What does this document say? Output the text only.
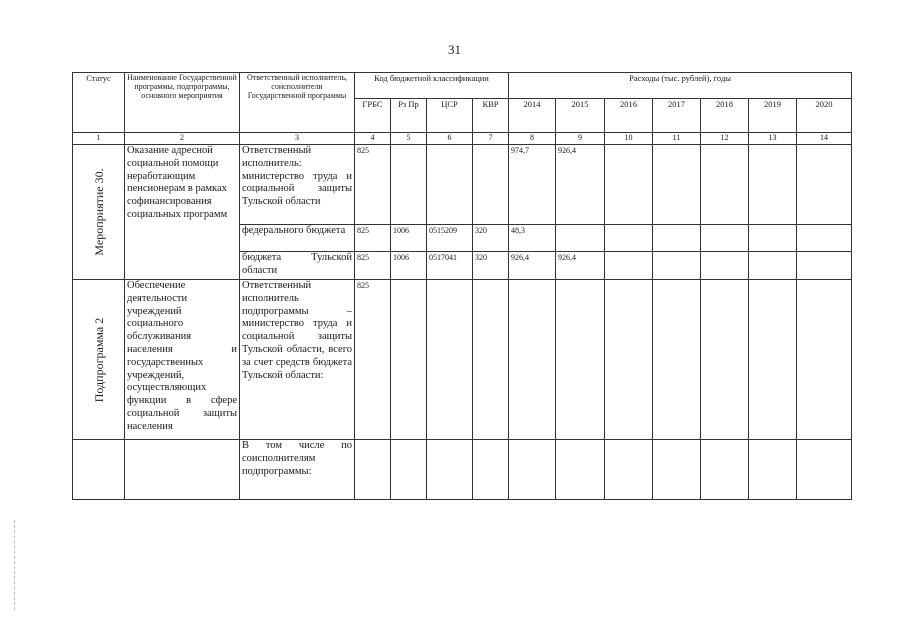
31
Статус	Наименование Государственной программы, подпрограммы, основного мероприятия	Ответственный исполнитель, соисполнители Государственной программы	Код бюджетной классификации				Расходы (тыс. рублей), годы						
			ГРБС	Рз Пр	ЦСР	КВР	2014	2015	2016	2017	2018	2019	2020
1	2	3	4	5	6	7	8	9	10	11	12	13	14

Мероприятие 30.	Оказание адресной социальной помощи неработающим пенсионерам в рамках софинансирования социальных программ	Ответственный исполнитель: министерство труда и социальной защиты Тульской области	825				974,7	926,4					
		федерального бюджета	825	1006	0515209	320	48,3						
		бюджета Тульской области	825	1006	0517041	320	926,4	926,4					

Подпрограмма 2	Обеспечение деятельности учреждений социального обслуживания населения и государственных учреждений, осуществляющих функции в сфере социальной защиты населения	Ответственный исполнитель подпрограммы – министерство труда и социальной защиты Тульской области, всего за счет средств бюджета Тульской области:	825										
		В том числе по соисполнителям подпрограммы:											
